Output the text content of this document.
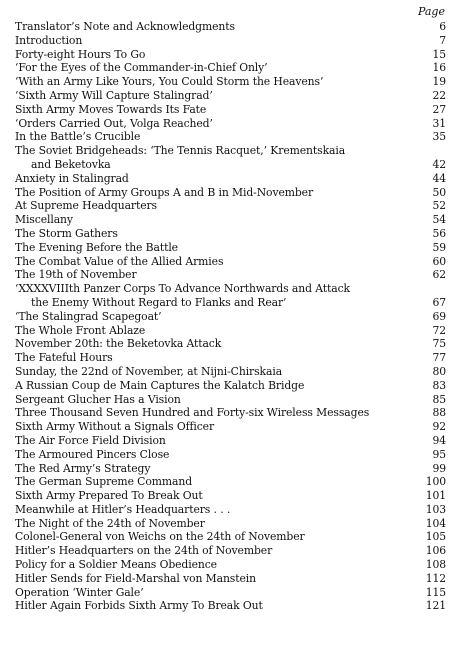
Page
Translator’s Note and Acknowledgments	6
Introduction	7
Forty-eight Hours To Go	15
‘For the Eyes of the Commander-in-Chief Only’	16
‘With an Army Like Yours, You Could Storm the Heavens’	19
‘Sixth Army Will Capture Stalingrad’	22
Sixth Army Moves Towards Its Fate	27
‘Orders Carried Out, Volga Reached’	31
In the Battle’s Crucible	35
The Soviet Bridgeheads: ‘The Tennis Racquet,’ Krementskaia
and Beketovka	42
Anxiety in Stalingrad	44
The Position of Army Groups A and B in Mid-November	50
At Supreme Headquarters	52
Miscellany	54
The Storm Gathers	56
The Evening Before the Battle	59
The Combat Value of the Allied Armies	60
The 19th of November	62
‘XXXXVIIIth Panzer Corps To Advance Northwards and Attack
the Enemy Without Regard to Flanks and Rear’	67
‘The Stalingrad Scapegoat’	69
The Whole Front Ablaze	72
November 20th: the Beketovka Attack	75
The Fateful Hours	77
Sunday, the 22nd of November, at Nijni-Chirskaia	80
A Russian Coup de Main Captures the Kalatch Bridge	83
Sergeant Glucher Has a Vision	85
Three Thousand Seven Hundred and Forty-six Wireless Messages	88
Sixth Army Without a Signals Officer	92
The Air Force Field Division	94
The Armoured Pincers Close	95
The Red Army’s Strategy	99
The German Supreme Command	100
Sixth Army Prepared To Break Out	101
Meanwhile at Hitler’s Headquarters . . .	103
The Night of the 24th of November	104
Colonel-General von Weichs on the 24th of November	105
Hitler’s Headquarters on the 24th of November	106
Policy for a Soldier Means Obedience	108
Hitler Sends for Field-Marshal von Manstein	112
Operation ‘Winter Gale’	115
Hitler Again Forbids Sixth Army To Break Out	121
